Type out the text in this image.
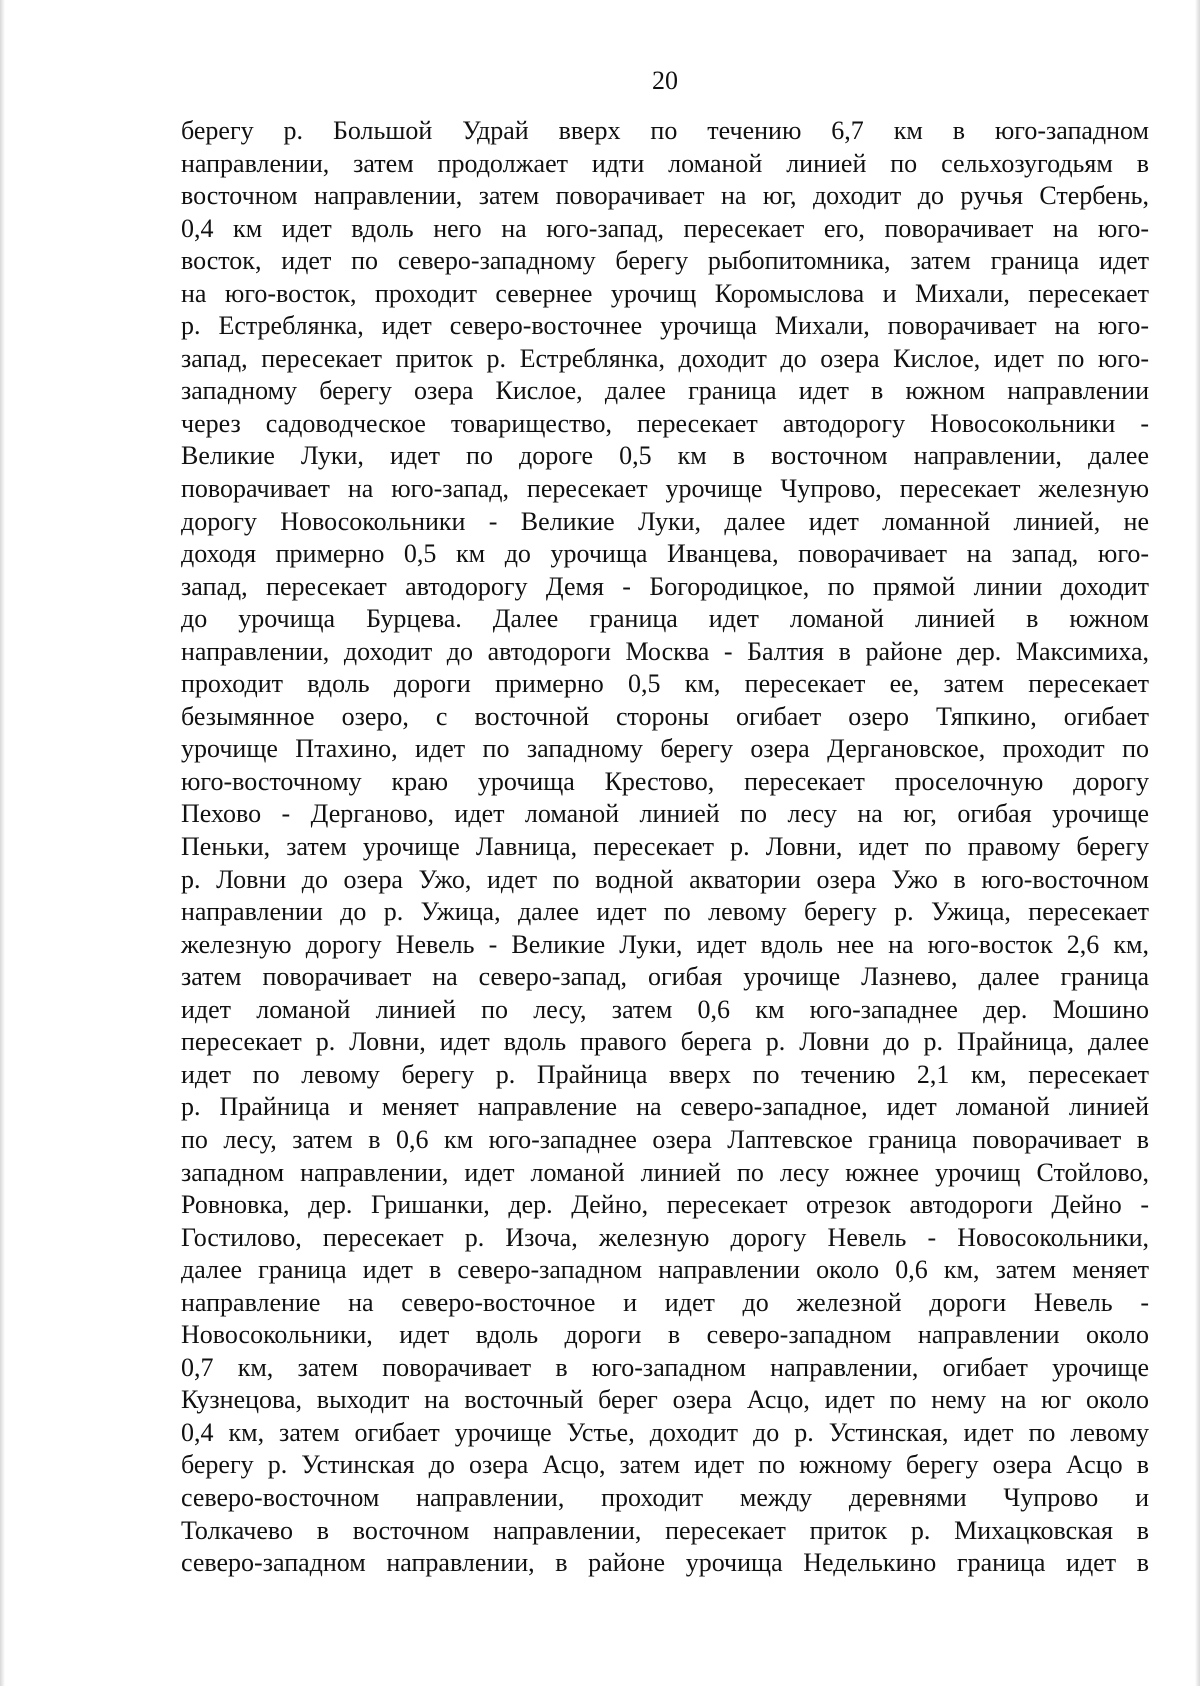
20
берегу р. Большой Удрай вверх по течению 6,7 км в юго-западном
направлении, затем продолжает идти ломаной линией по сельхозугодьям в
восточном направлении, затем поворачивает на юг, доходит до ручья Стербень,
0,4 км идет вдоль него на юго-запад, пересекает его, поворачивает на юго-
восток, идет по северо-западному берегу рыбопитомника, затем граница идет
на юго-восток, проходит севернее урочищ Коромыслова и Михали, пересекает
р. Естреблянка, идет северо-восточнее урочища Михали, поворачивает на юго-
запад, пересекает приток р. Естреблянка, доходит до озера Кислое, идет по юго-
западному берегу озера Кислое, далее граница идет в южном направлении
через садоводческое товарищество, пересекает автодорогу Новосокольники -
Великие Луки, идет по дороге 0,5 км в восточном направлении, далее
поворачивает на юго-запад, пересекает урочище Чупрово, пересекает железную
дорогу Новосокольники - Великие Луки, далее идет ломанной линией, не
доходя примерно 0,5 км до урочища Иванцева, поворачивает на запад, юго-
запад, пересекает автодорогу Демя - Богородицкое, по прямой линии доходит
до урочища Бурцева. Далее граница идет ломаной линией в южном
направлении, доходит до автодороги Москва - Балтия в районе дер. Максимиха,
проходит вдоль дороги примерно 0,5 км, пересекает ее, затем пересекает
безымянное озеро, с восточной стороны огибает озеро Тяпкино, огибает
урочище Птахино, идет по западному берегу озера Дергановское, проходит по
юго-восточному краю урочища Крестово, пересекает проселочную дорогу
Пехово - Дерганово, идет ломаной линией по лесу на юг, огибая урочище
Пеньки, затем урочище Лавница, пересекает р. Ловни, идет по правому берегу
р. Ловни до озера Ужо, идет по водной акватории озера Ужо в юго-восточном
направлении до р. Ужица, далее идет по левому берегу р. Ужица, пересекает
железную дорогу Невель - Великие Луки, идет вдоль нее на юго-восток 2,6 км,
затем поворачивает на северо-запад, огибая урочище Лазнево, далее граница
идет ломаной линией по лесу, затем 0,6 км юго-западнее дер. Мошино
пересекает р. Ловни, идет вдоль правого берега р. Ловни до р. Прайница, далее
идет по левому берегу р. Прайница вверх по течению 2,1 км, пересекает
р. Прайница и меняет направление на северо-западное, идет ломаной линией
по лесу, затем в 0,6 км юго-западнее озера Лаптевское граница поворачивает в
западном направлении, идет ломаной линией по лесу южнее урочищ Стойлово,
Ровновка, дер. Гришанки, дер. Дейно, пересекает отрезок автодороги Дейно -
Гостилово, пересекает р. Изоча, железную дорогу Невель - Новосокольники,
далее граница идет в северо-западном направлении около 0,6 км, затем меняет
направление на северо-восточное и идет до железной дороги Невель -
Новосокольники, идет вдоль дороги в северо-западном направлении около
0,7 км, затем поворачивает в юго-западном направлении, огибает урочище
Кузнецова, выходит на восточный берег озера Асцо, идет по нему на юг около
0,4 км, затем огибает урочище Устье, доходит до р. Устинская, идет по левому
берегу р. Устинская до озера Асцо, затем идет по южному берегу озера Асцо в
северо-восточном направлении, проходит между деревнями Чупрово и
Толкачево в восточном направлении, пересекает приток р. Михацковская в
северо-западном направлении, в районе урочища Неделькино граница идет в
